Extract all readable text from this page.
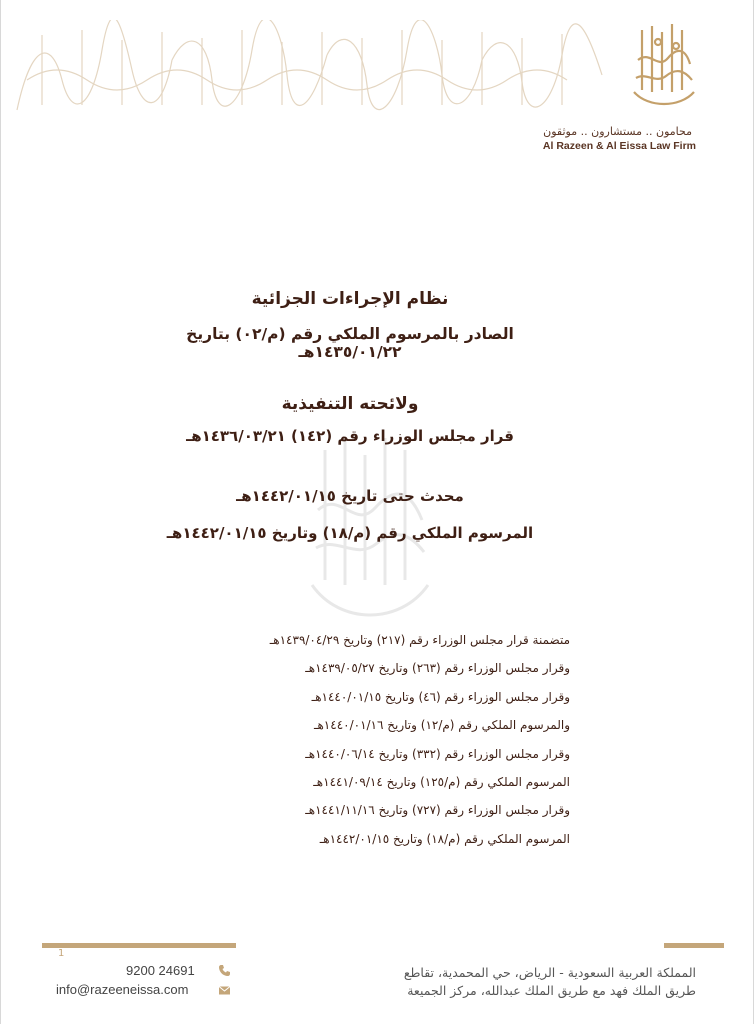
محامون .. مستشارون .. موثقون
Al Razeen & Al Eissa Law Firm
نظام الإجراءات الجزائية
الصادر بالمرسوم الملكي رقم (م/٠٢) بتاريخ ١٤٣٥/٠١/٢٢هـ
ولائحته التنفيذية
قرار مجلس الوزراء رقم (١٤٢) ١٤٣٦/٠٣/٢١هـ
محدث حتى تاريخ ١٤٤٢/٠١/١٥هـ
المرسوم الملكي رقم (م/١٨) وتاريخ ١٤٤٢/٠١/١٥هـ
متضمنة قرار مجلس الوزراء رقم (٢١٧) وتاريخ ١٤٣٩/٠٤/٢٩هـ
وقرار مجلس الوزراء رقم (٢٦٣) وتاريخ ١٤٣٩/٠٥/٢٧هـ
وقرار مجلس الوزراء رقم (٤٦) وتاريخ ١٤٤٠/٠١/١٥هـ
والمرسوم الملكي رقم (م/١٢) وتاريخ ١٤٤٠/٠١/١٦هـ
وقرار مجلس الوزراء رقم (٣٣٢) وتاريخ ١٤٤٠/٠٦/١٤هـ
المرسوم الملكي رقم (م/١٢٥) وتاريخ ١٤٤١/٠٩/١٤هـ
وقرار مجلس الوزراء رقم (٧٢٧) وتاريخ ١٤٤١/١١/١٦هـ
المرسوم الملكي رقم (م/١٨) وتاريخ ١٤٤٢/٠١/١٥هـ
1
9200 24691
info@razeeneissa.com
المملكة العربية السعودية - الرياض، حي المحمدية، تقاطع
طريق الملك فهد مع طريق الملك عبدالله، مركز الجميعة
